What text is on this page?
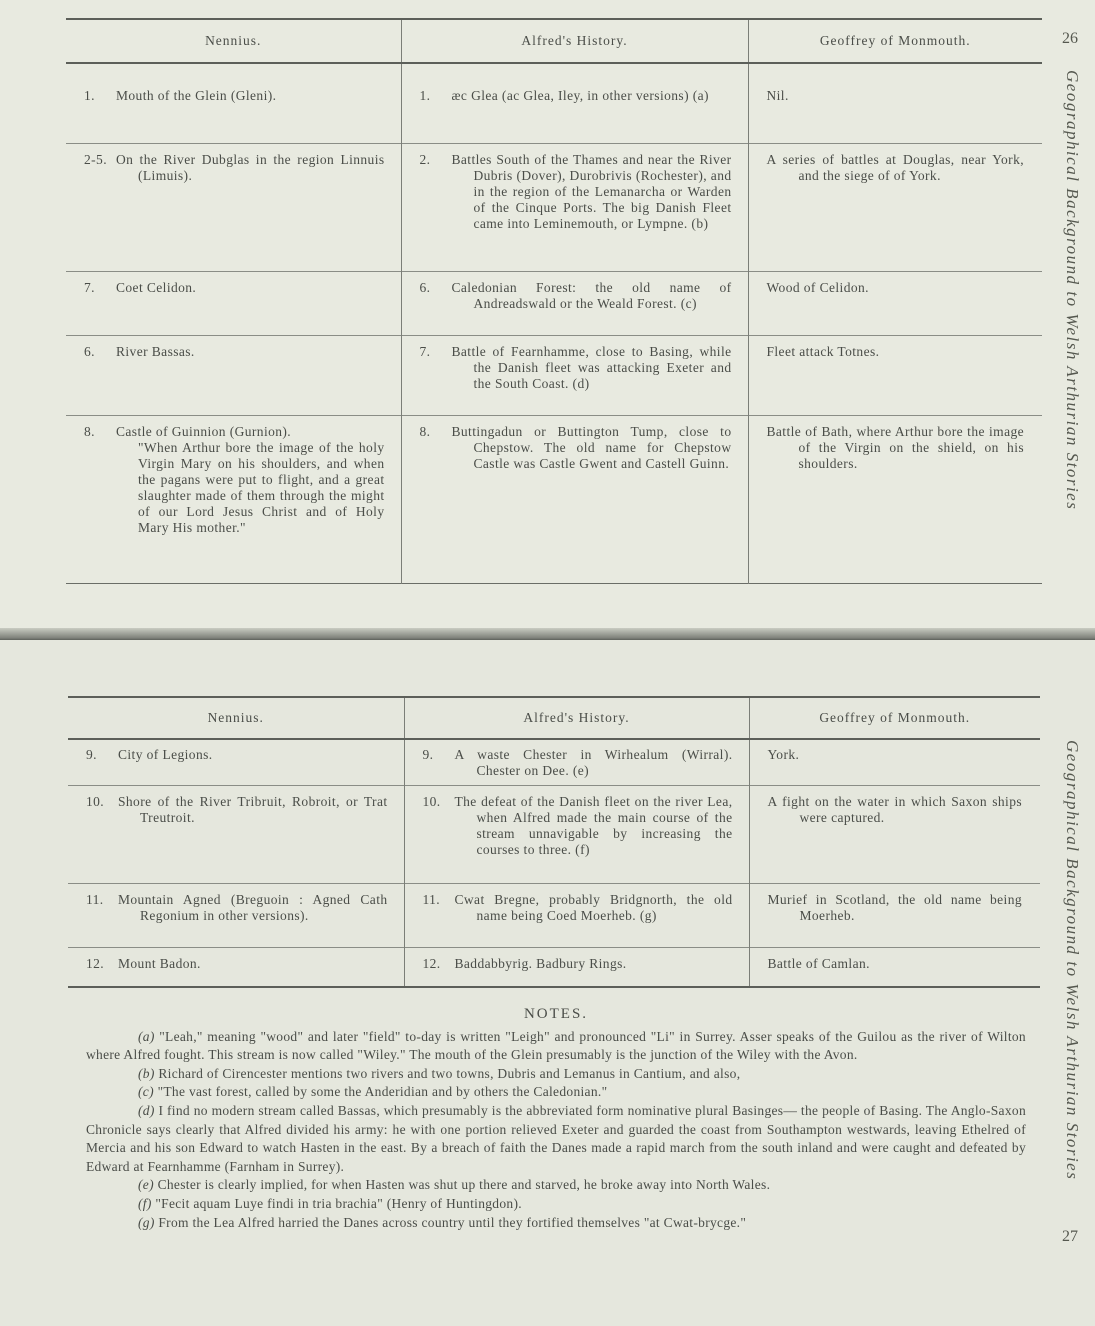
Nennius.	Alfred's History.	Geoffrey of Monmouth.

1. Mouth of the Glein (Gleni).	1. æc Glea (ac Glea, Iley, in other versions) (a)	Nil.

2-5. On the River Dubglas in the region Linnuis (Limuis).	2. Battles South of the Thames and near the River Dubris (Dover), Durobrivis (Rochester), and in the region of the Lemanarcha or Warden of the Cinque Ports. The big Danish Fleet came into Leminemouth, or Lympne. (b)	A series of battles at Douglas, near York, and the siege of of York.

7. Coet Celidon.	6. Caledonian Forest: the old name of Andreadswald or the Weald Forest. (c)	Wood of Celidon.

6. River Bassas.	7. Battle of Fearnhamme, close to Basing, while the Danish fleet was attacking Exeter and the South Coast. (d)	Fleet attack Totnes.

8. Castle of Guinnion (Gurnion).
"When Arthur bore the image of the holy Virgin Mary on his shoulders, and when the pagans were put to flight, and a great slaughter made of them through the might of our Lord Jesus Christ and of Holy Mary His mother."	8. Buttingadun or Buttington Tump, close to Chepstow. The old name for Chepstow Castle was Castle Gwent and Castell Guinn.	Battle of Bath, where Arthur bore the image of the Virgin on the shield, on his shoulders.
26
Geographical Background to Welsh Arthurian Stories
Nennius.	Alfred's History.	Geoffrey of Monmouth.

9. City of Legions.	9. A waste Chester in Wirhealum (Wirral). Chester on Dee. (e)	York.

10. Shore of the River Tribruit, Robroit, or Trat Treutroit.	10. The defeat of the Danish fleet on the river Lea, when Alfred made the main course of the stream unnavigable by increasing the courses to three. (f)	A fight on the water in which Saxon ships were captured.

11. Mountain Agned (Breguoin : Agned Cath Regonium in other versions).	11. Cwat Bregne, probably Bridgnorth, the old name being Coed Moerheb. (g)	Murief in Scotland, the old name being Moerheb.

12. Mount Badon.	12. Baddabbyrig. Badbury Rings.	Battle of Camlan.
NOTES.

(a) "Leah," meaning "wood" and later "field" to-day is written "Leigh" and pronounced "Li" in Surrey. Asser speaks of the Guilou as the river of Wilton where Alfred fought. This stream is now called "Wiley." The mouth of the Glein presumably is the junction of the Wiley with the Avon.

(b) Richard of Cirencester mentions two rivers and two towns, Dubris and Lemanus in Cantium, and also,

(c) "The vast forest, called by some the Anderidian and by others the Caledonian."

(d) I find no modern stream called Bassas, which presumably is the abbreviated form nominative plural Basinges— the people of Basing. The Anglo-Saxon Chronicle says clearly that Alfred divided his army: he with one portion relieved Exeter and guarded the coast from Southampton westwards, leaving Ethelred of Mercia and his son Edward to watch Hasten in the east. By a breach of faith the Danes made a rapid march from the south inland and were caught and defeated by Edward at Fearnhamme (Farnham in Surrey).

(e) Chester is clearly implied, for when Hasten was shut up there and starved, he broke away into North Wales.

(f) "Fecit aquam Luye findi in tria brachia" (Henry of Huntingdon).

(g) From the Lea Alfred harried the Danes across country until they fortified themselves "at Cwat-brycge."

Geographical Background to Welsh Arthurian Stories
27
